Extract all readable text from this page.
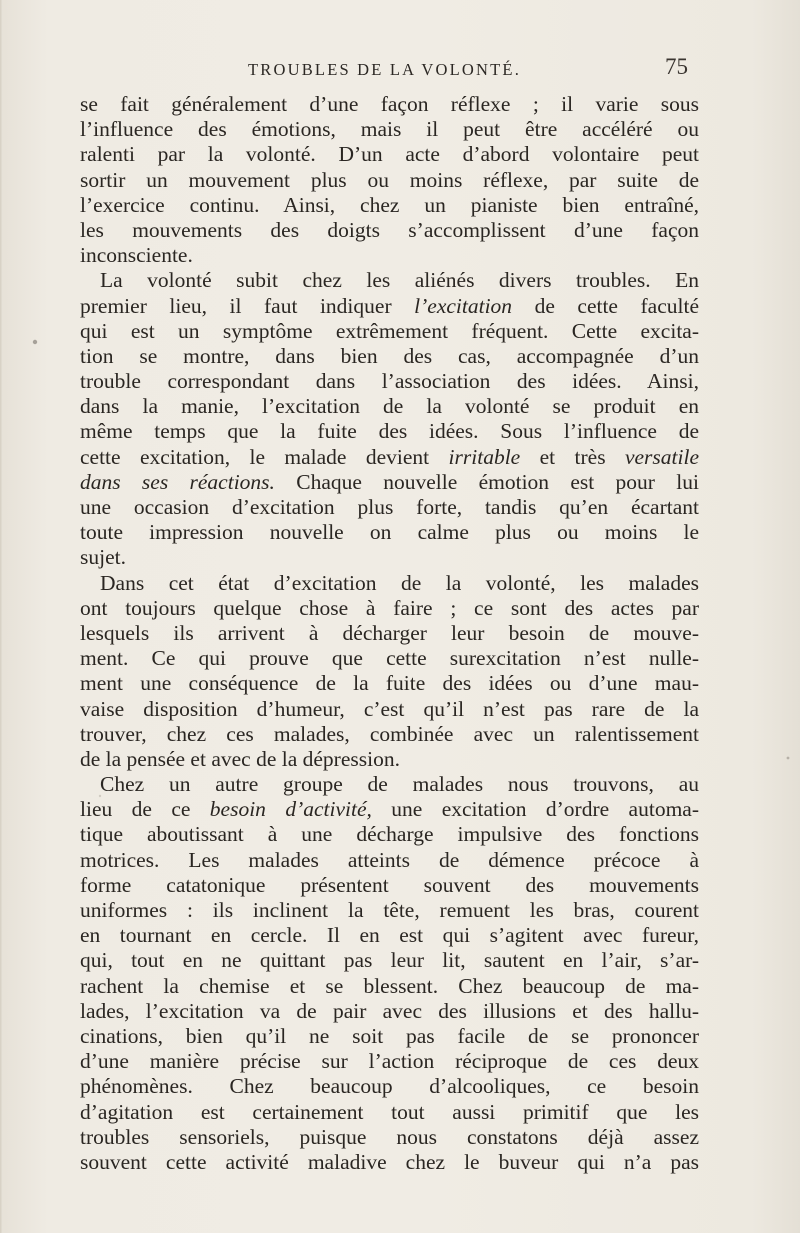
TROUBLES DE LA VOLONTÉ.	75
se fait généralement d’une façon réflexe ; il varie sous
l’influence des émotions, mais il peut être accéléré ou
ralenti par la volonté. D’un acte d’abord volontaire peut
sortir un mouvement plus ou moins réflexe, par suite de
l’exercice continu. Ainsi, chez un pianiste bien entraîné,
les mouvements des doigts s’accomplissent d’une façon
inconsciente.
La volonté subit chez les aliénés divers troubles. En
premier lieu, il faut indiquer l’excitation de cette faculté
qui est un symptôme extrêmement fréquent. Cette excita-
tion se montre, dans bien des cas, accompagnée d’un
trouble correspondant dans l’association des idées. Ainsi,
dans la manie, l’excitation de la volonté se produit en
même temps que la fuite des idées. Sous l’influence de
cette excitation, le malade devient irritable et très versatile
dans ses réactions. Chaque nouvelle émotion est pour lui
une occasion d’excitation plus forte, tandis qu’en écartant
toute impression nouvelle on calme plus ou moins le
sujet.
Dans cet état d’excitation de la volonté, les malades
ont toujours quelque chose à faire ; ce sont des actes par
lesquels ils arrivent à décharger leur besoin de mouve-
ment. Ce qui prouve que cette surexcitation n’est nulle-
ment une conséquence de la fuite des idées ou d’une mau-
vaise disposition d’humeur, c’est qu’il n’est pas rare de la
trouver, chez ces malades, combinée avec un ralentissement
de la pensée et avec de la dépression.
Chez un autre groupe de malades nous trouvons, au
lieu de ce besoin d’activité, une excitation d’ordre automa-
tique aboutissant à une décharge impulsive des fonctions
motrices. Les malades atteints de démence précoce à
forme catatonique présentent souvent des mouvements
uniformes : ils inclinent la tête, remuent les bras, courent
en tournant en cercle. Il en est qui s’agitent avec fureur,
qui, tout en ne quittant pas leur lit, sautent en l’air, s’ar-
rachent la chemise et se blessent. Chez beaucoup de ma-
lades, l’excitation va de pair avec des illusions et des hallu-
cinations, bien qu’il ne soit pas facile de se prononcer
d’une manière précise sur l’action réciproque de ces deux
phénomènes. Chez beaucoup d’alcooliques, ce besoin
d’agitation est certainement tout aussi primitif que les
troubles sensoriels, puisque nous constatons déjà assez
souvent cette activité maladive chez le buveur qui n’a pas
